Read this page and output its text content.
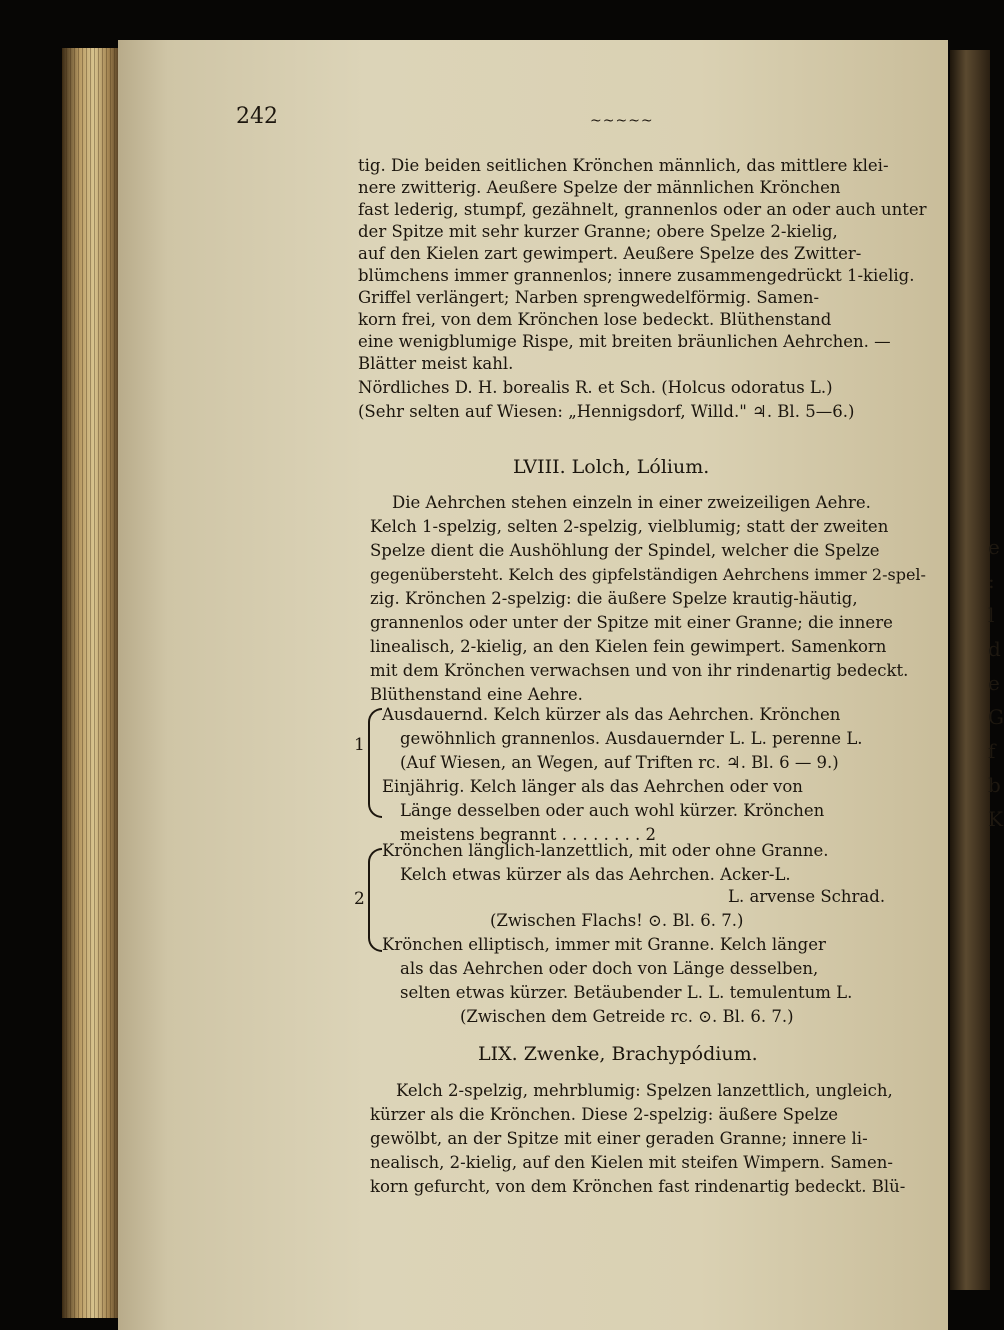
e
:
l
d
e
G
f
b
K
242	~~~~~
tig. Die beiden seitlichen Krönchen männlich, das mittlere klei-
nere zwitterig. Aeußere Spelze der männlichen Krönchen
fast lederig, stumpf, gezähnelt, grannenlos oder an oder auch unter
der Spitze mit sehr kurzer Granne; obere Spelze 2-kielig,
auf den Kielen zart gewimpert. Aeußere Spelze des Zwitter-
blümchens immer grannenlos; innere zusammengedrückt 1-kielig.
Griffel verlängert; Narben sprengwedelförmig. Samen-
korn frei, von dem Krönchen lose bedeckt. Blüthenstand
eine wenigblumige Rispe, mit breiten bräunlichen Aehrchen. —
Blätter meist kahl.
Nördliches D. H. borealis R. et Sch. (Holcus odoratus L.)
(Sehr selten auf Wiesen: „Hennigsdorf, Willd." ♃. Bl. 5—6.)
LVIII. Lolch, Lólium.
Die Aehrchen stehen einzeln in einer zweizeiligen Aehre.
Kelch 1-spelzig, selten 2-spelzig, vielblumig; statt der zweiten
Spelze dient die Aushöhlung der Spindel, welcher die Spelze
gegenübersteht. Kelch des gipfelständigen Aehrchens immer 2-spel-
zig. Krönchen 2-spelzig: die äußere Spelze krautig-häutig,
grannenlos oder unter der Spitze mit einer Granne; die innere
linealisch, 2-kielig, an den Kielen fein gewimpert. Samenkorn
mit dem Krönchen verwachsen und von ihr rindenartig bedeckt.
Blüthenstand eine Aehre.
1
Ausdauernd. Kelch kürzer als das Aehrchen. Krönchen
gewöhnlich grannenlos. Ausdauernder L. L. perenne L.
(Auf Wiesen, an Wegen, auf Triften rc. ♃. Bl. 6 — 9.)
Einjährig. Kelch länger als das Aehrchen oder von
Länge desselben oder auch wohl kürzer. Krönchen
meistens begrannt . . . . . . . . 2
2
Krönchen länglich-lanzettlich, mit oder ohne Granne.
Kelch etwas kürzer als das Aehrchen. Acker-L.
L. arvense Schrad.
(Zwischen Flachs! ⊙. Bl. 6. 7.)
Krönchen elliptisch, immer mit Granne. Kelch länger
als das Aehrchen oder doch von Länge desselben,
selten etwas kürzer. Betäubender L. L. temulentum L.
(Zwischen dem Getreide rc. ⊙. Bl. 6. 7.)
LIX. Zwenke, Brachypódium.
Kelch 2-spelzig, mehrblumig: Spelzen lanzettlich, ungleich,
kürzer als die Krönchen. Diese 2-spelzig: äußere Spelze
gewölbt, an der Spitze mit einer geraden Granne; innere li-
nealisch, 2-kielig, auf den Kielen mit steifen Wimpern. Samen-
korn gefurcht, von dem Krönchen fast rindenartig bedeckt. Blü-
